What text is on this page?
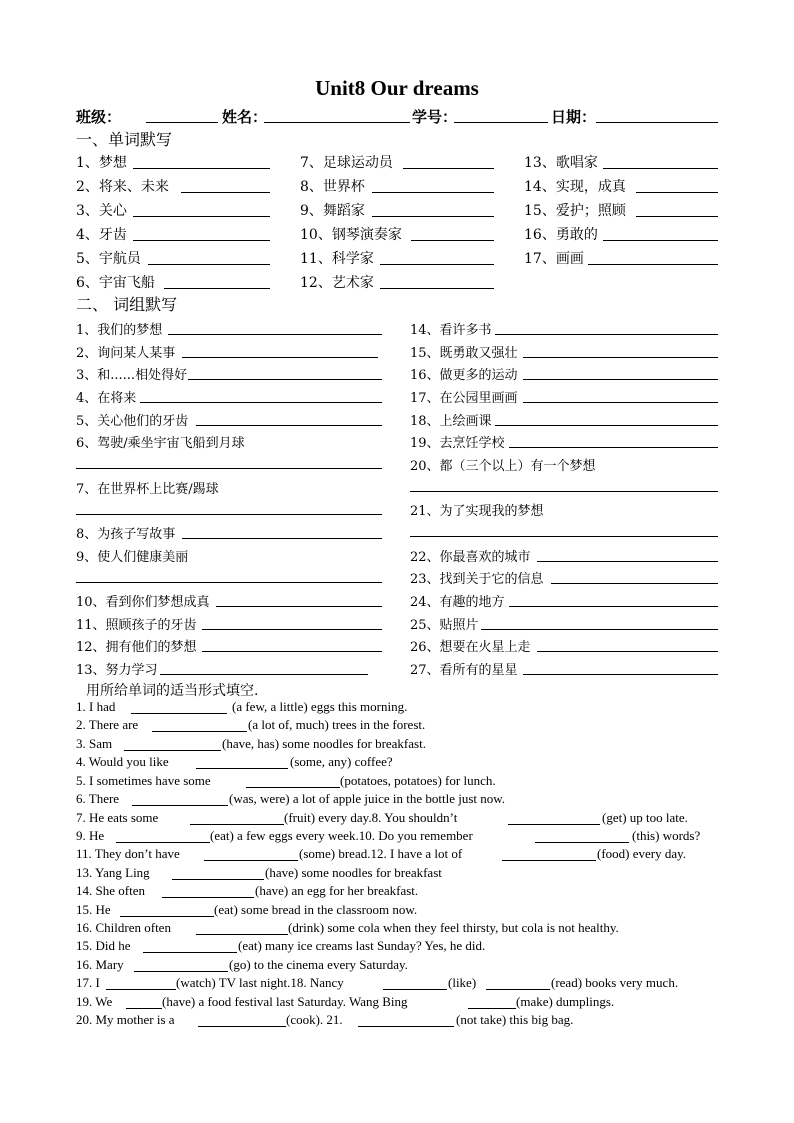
Unit8 Our dreams
班级：	姓名：	学号：	日期：
一、单词默写
1、梦想
2、将来、未来
3、关心
4、牙齿
5、宇航员
6、宇宙飞船
7、足球运动员
8、世界杯
9、舞蹈家
10、钢琴演奏家
11、科学家
12、艺术家
13、歌唱家
14、实现，成真
15、爱护；照顾
16、勇敢的
17、画画
二、 词组默写
1、我们的梦想
2、询问某人某事
3、和......相处得好
4、在将来
5、关心他们的牙齿
6、驾驶/乘坐宇宙飞船到月球
7、在世界杯上比赛/踢球
8、为孩子写故事
9、使人们健康美丽
10、看到你们梦想成真
11、照顾孩子的牙齿
12、拥有他们的梦想
13、努力学习
14、看许多书
15、既勇敢又强壮
16、做更多的运动
17、在公园里画画
18、上绘画课
19、去烹饪学校
20、都（三个以上）有一个梦想
21、为了实现我的梦想
22、你最喜欢的城市
23、找到关于它的信息
24、有趣的地方
25、贴照片
26、想要在火星上走
27、看所有的星星
用所给单词的适当形式填空.
1. I had	(a few, a little) eggs this morning.
2. There are	(a lot of, much) trees in the forest.
3. Sam	(have, has) some noodles for breakfast.
4. Would you like	(some, any) coffee?
5. I sometimes have some	(potatoes, potatoes) for lunch.
6. There	(was, were) a lot of apple juice in the bottle just now.
7. He eats some	(fruit) every day.8. You shouldn’t	(get) up too late.
9. He	(eat) a few eggs every week.10. Do you remember	(this) words?
11. They don’t have	(some) bread.12. I have a lot of	(food) every day.
13. Yang Ling	(have) some noodles for breakfast
14. She often	(have) an egg for her breakfast.
15. He	(eat) some bread in the classroom now.
16. Children often	(drink) some cola when they feel thirsty, but cola is not healthy.
15. Did he	(eat) many ice creams last Sunday? Yes, he did.
16. Mary	(go) to the cinema every Saturday.
17. I	(watch) TV last night.18. Nancy	(like)	(read) books very much.
19. We	(have) a food festival last Saturday. Wang Bing	(make) dumplings.
20. My mother is a	(cook). 21.	(not take) this big bag.
